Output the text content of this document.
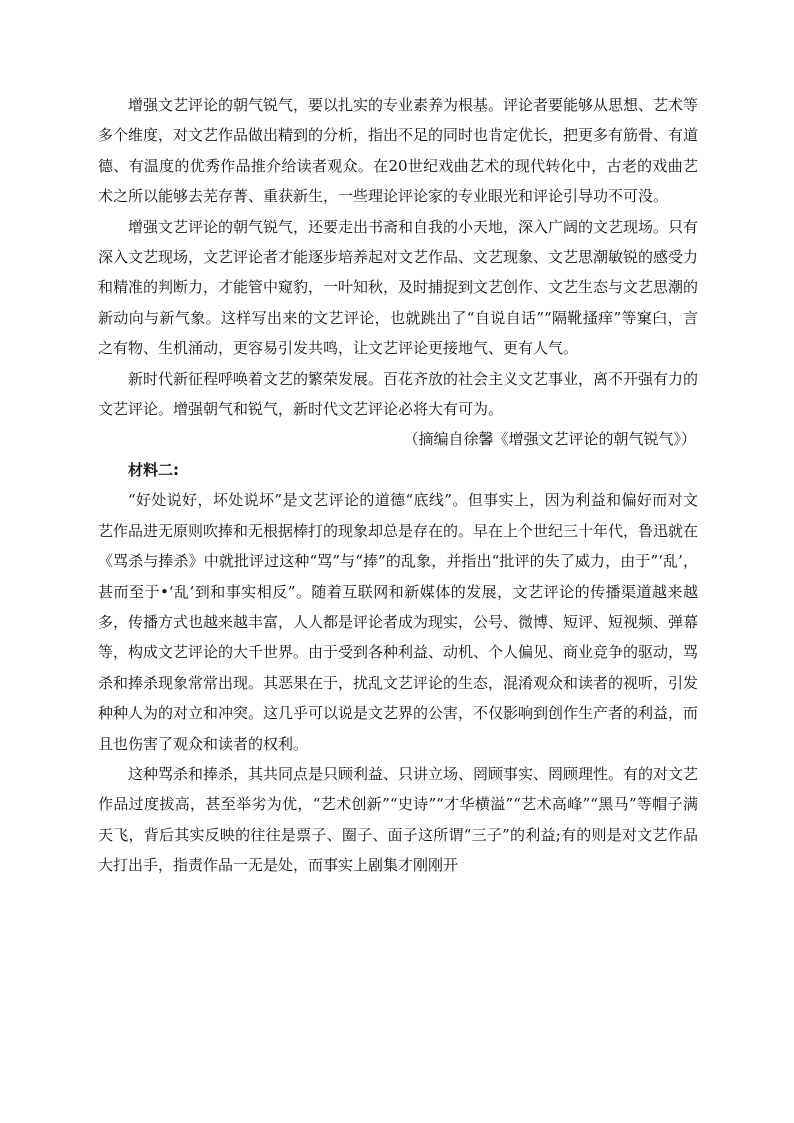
增强文艺评论的朝气锐气，要以扎实的专业素养为根基。评论者要能够从思想、艺术等多个维度，对文艺作品做出精到的分析，指出不足的同时也肯定优长，把更多有筋骨、有道德、有温度的优秀作品推介给读者观众。在20世纪戏曲艺术的现代转化中，古老的戏曲艺术之所以能够去芜存菁、重获新生，一些理论评论家的专业眼光和评论引导功不可没。

增强文艺评论的朝气锐气，还要走出书斋和自我的小天地，深入广阔的文艺现场。只有深入文艺现场，文艺评论者才能逐步培养起对文艺作品、文艺现象、文艺思潮敏锐的感受力和精准的判断力，才能管中窥豹，一叶知秋，及时捕捉到文艺创作、文艺生态与文艺思潮的新动向与新气象。这样写出来的文艺评论，也就跳出了“自说自话”“隔靴搔痒”等窠臼，言之有物、生机涌动，更容易引发共鸣，让文艺评论更接地气、更有人气。

新时代新征程呼唤着文艺的繁荣发展。百花齐放的社会主义文艺事业，离不开强有力的文艺评论。增强朝气和锐气，新时代文艺评论必将大有可为。

（摘编自徐馨《增强文艺评论的朝气锐气》）

材料二:

“好处说好，坏处说坏”是文艺评论的道德“底线”。但事实上，因为利益和偏好而对文艺作品进无原则吹捧和无根据棒打的现象却总是存在的。早在上个世纪三十年代，鲁迅就在《骂杀与捧杀》中就批评过这种“骂”与“捧”的乱象，并指出“批评的失了威力，由于”‘乱’，甚而至于•‘乱’到和事实相反”。随着互联网和新媒体的发展，文艺评论的传播渠道越来越多，传播方式也越来越丰富，人人都是评论者成为现实，公号、微博、短评、短视频、弹幕等，构成文艺评论的大千世界。由于受到各种利益、动机、个人偏见、商业竞争的驱动，骂杀和捧杀现象常常出现。其恶果在于，扰乱文艺评论的生态，混淆观众和读者的视听，引发种种人为的对立和冲突。这几乎可以说是文艺界的公害，不仅影响到创作生产者的利益，而且也伤害了观众和读者的权利。

这种骂杀和捧杀，其共同点是只顾利益、只讲立场、罔顾事实、罔顾理性。有的对文艺作品过度拔高，甚至举劣为优，“艺术创新”“史诗”“才华横溢”“艺术高峰”“黑马”等帽子满天飞，背后其实反映的往往是票子、圈子、面子这所谓“三子”的利益;有的则是对文艺作品大打出手，指责作品一无是处，而事实上剧集才刚刚开
